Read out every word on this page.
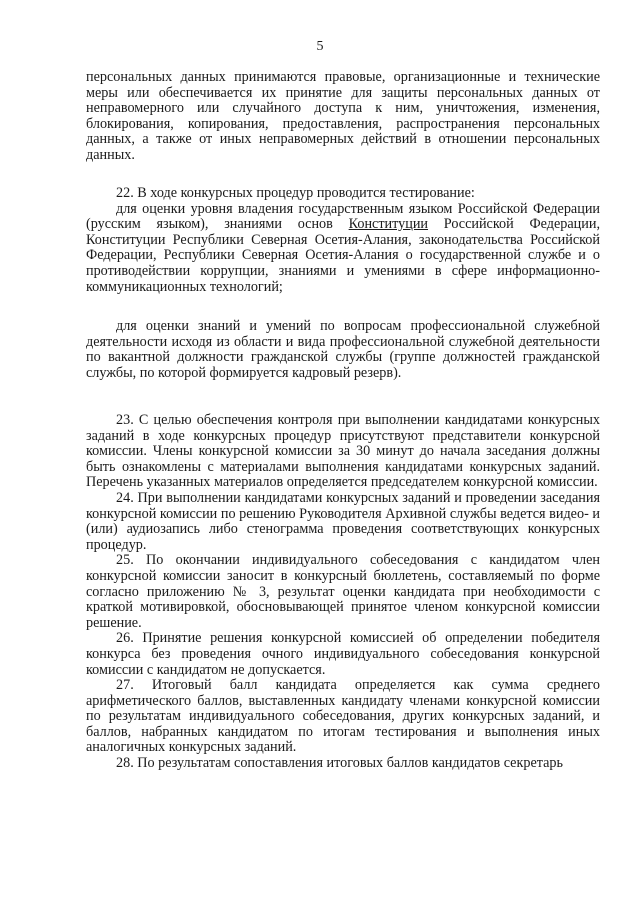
5

персональных данных принимаются правовые, организационные и технические меры или обеспечивается их принятие для защиты персональных данных от неправомерного или случайного доступа к ним, уничтожения, изменения, блокирования, копирования, предоставления, распространения персональных данных, а также от иных неправомерных действий в отношении персональных данных.

22. В ходе конкурсных процедур проводится тестирование:

для оценки уровня владения государственным языком Российской Федерации (русским языком), знаниями основ Конституции Российской Федерации, Конституции Республики Северная Осетия-Алания, законодательства Российской Федерации, Республики Северная Осетия-Алания о государственной службе и о противодействии коррупции, знаниями и умениями в сфере информационно-коммуникационных технологий;

для оценки знаний и умений по вопросам профессиональной служебной деятельности исходя из области и вида профессиональной служебной деятельности по вакантной должности гражданской службы (группе должностей гражданской службы, по которой формируется кадровый резерв).

23. С целью обеспечения контроля при выполнении кандидатами конкурсных заданий в ходе конкурсных процедур присутствуют представители конкурсной комиссии. Члены конкурсной комиссии за 30 минут до начала заседания должны быть ознакомлены с материалами выполнения кандидатами конкурсных заданий. Перечень указанных материалов определяется председателем конкурсной комиссии.

24. При выполнении кандидатами конкурсных заданий и проведении заседания конкурсной комиссии по решению Руководителя Архивной службы ведется видео- и (или) аудиозапись либо стенограмма проведения соответствующих конкурсных процедур.

25. По окончании индивидуального собеседования с кандидатом член конкурсной комиссии заносит в конкурсный бюллетень, составляемый по форме согласно приложению № 3, результат оценки кандидата при необходимости с краткой мотивировкой, обосновывающей принятое членом конкурсной комиссии решение.

26. Принятие решения конкурсной комиссией об определении победителя конкурса без проведения очного индивидуального собеседования конкурсной комиссии с кандидатом не допускается.

27. Итоговый балл кандидата определяется как сумма среднего арифметического баллов, выставленных кандидату членами конкурсной комиссии по результатам индивидуального собеседования, других конкурсных заданий, и баллов, набранных кандидатом по итогам тестирования и выполнения иных аналогичных конкурсных заданий.

28. По результатам сопоставления итоговых баллов кандидатов секретарь
